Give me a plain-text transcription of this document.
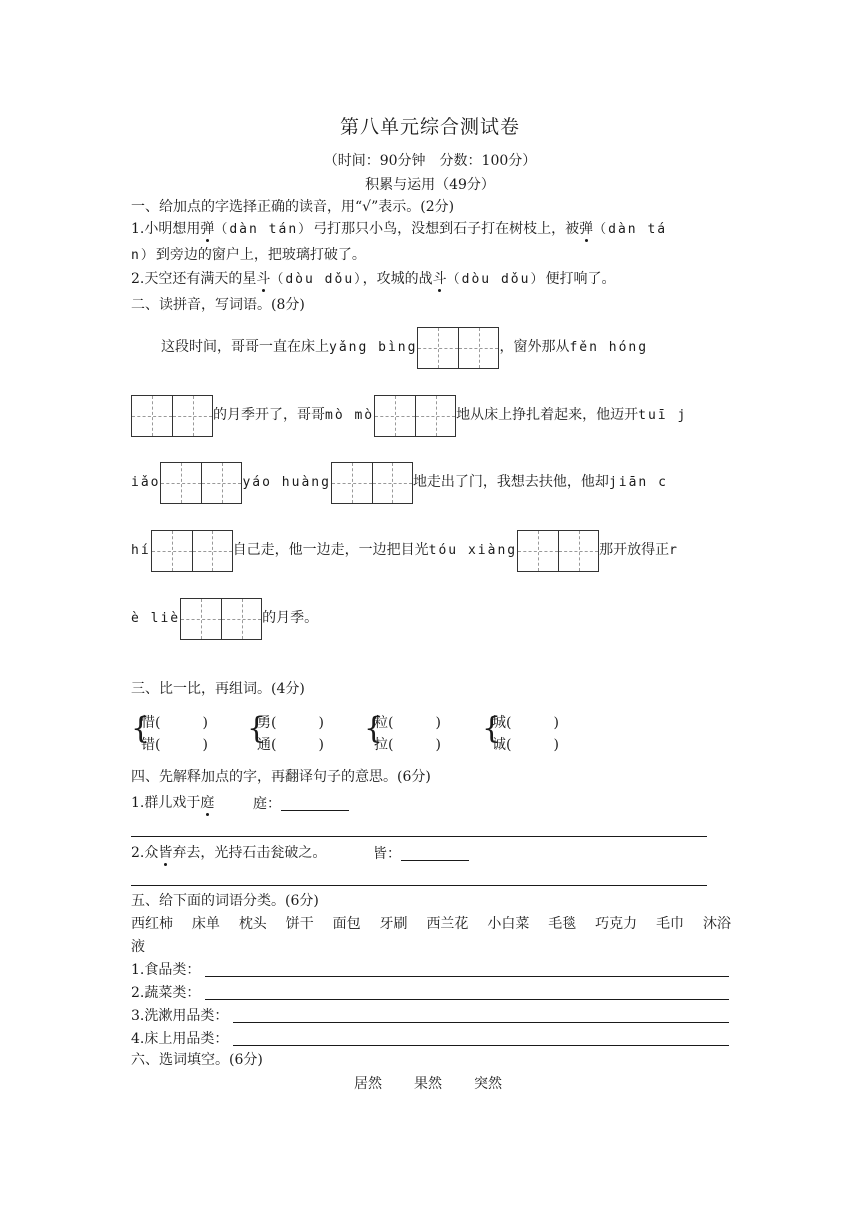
第八单元综合测试卷
（时间：90分钟　分数：100分）
积累与运用（49分）
一、给加点的字选择正确的读音，用“√”表示。(2分)
1.小明想用弹（dàn tán）弓打那只小鸟，没想到石子打在树枝上，被弹（dàn tá
n）到旁边的窗户上，把玻璃打破了。
2.天空还有满天的星斗（dòu dǒu），攻城的战斗（dòu dǒu）便打响了。
二、读拼音，写词语。(8分)
这段时间，哥哥一直在床上yǎng bìng	，窗外那从fěn hóng
的月季开了，哥哥mò mò	地从床上挣扎着起来，他迈开tuī j
iǎo	yáo huàng	地走出了门，我想去扶他，他却jiān c
hí	自己走，他一边走，一边把目光tóu xiàng	那开放得正r
è liè	的月季。
三、比一比，再组词。(4分)
{
惜(　　　)
错(　　　) {
勇(　　　)
通(　　　) {
粒(　　　)
拉(　　　) {
城(　　　)
诚(　　　)
四、先解释加点的字，再翻译句子的意思。(6分)
1.群儿戏于庭	庭：
2.众皆弃去，光持石击瓮破之。	皆：
五、给下面的词语分类。(6分)
西红柿 床单 枕头 饼干 面包 牙刷 西兰花 小白菜 毛毯 巧克力 毛巾 沐浴
液
1.食品类：
2.蔬菜类：
3.洗漱用品类：
4.床上用品类：
六、选词填空。(6分)
居然 果然 突然
